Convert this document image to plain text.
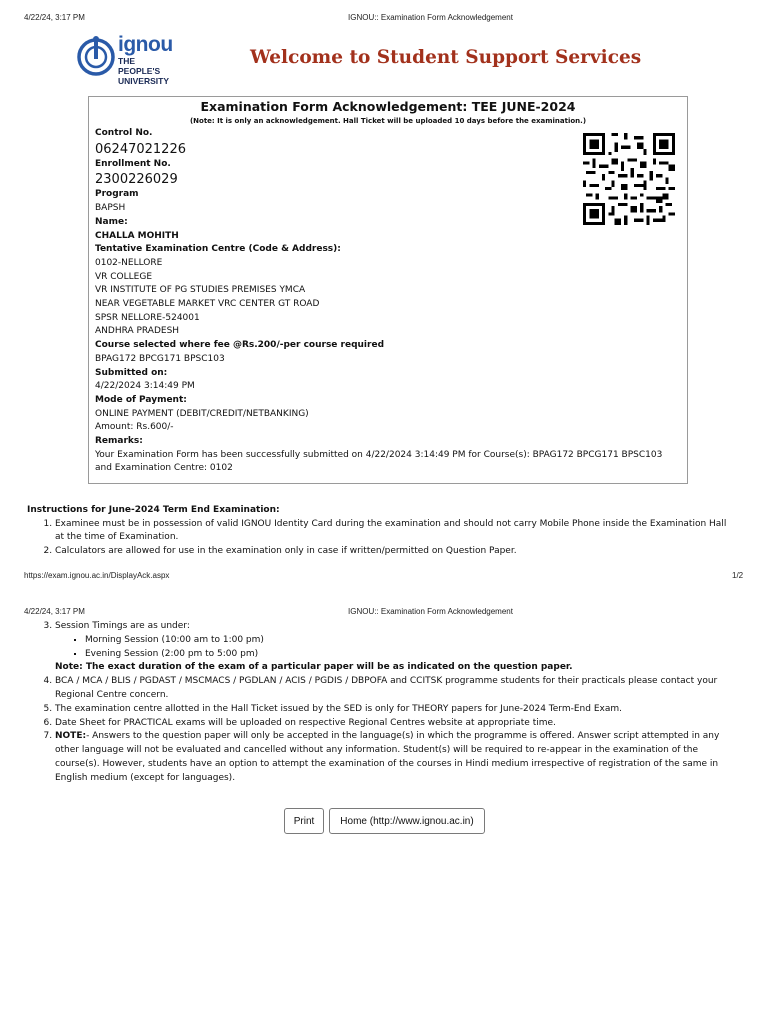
4/22/24, 3:17 PM	IGNOU:: Examination Form Acknowledgement
ignou
THE PEOPLE'S
UNIVERSITY
Welcome to Student Support Services
Examination Form Acknowledgement: TEE JUNE-2024
(Note: It is only an acknowledgement. Hall Ticket will be uploaded 10 days before the examination.)
Control No.
06247021226
Enrollment No.
2300226029
Program
BAPSH
Name:
CHALLA MOHITH
Tentative Examination Centre (Code & Address):
0102-NELLORE
VR COLLEGE
VR INSTITUTE OF PG STUDIES PREMISES YMCA
NEAR VEGETABLE MARKET VRC CENTER GT ROAD
SPSR NELLORE-524001
ANDHRA PRADESH
Course selected where fee @Rs.200/-per course required
BPAG172 BPCG171 BPSC103
Submitted on:
4/22/2024 3:14:49 PM
Mode of Payment:
ONLINE PAYMENT (DEBIT/CREDIT/NETBANKING)
Amount: Rs.600/-
Remarks:
Your Examination Form has been successfully submitted on 4/22/2024 3:14:49 PM for Course(s): BPAG172 BPCG171 BPSC103 and Examination Centre: 0102
Instructions for June-2024 Term End Examination:
1. Examinee must be in possession of valid IGNOU Identity Card during the examination and should not carry Mobile Phone inside the Examination Hall at the time of Examination.
2. Calculators are allowed for use in the examination only in case if written/permitted on Question Paper.
https://exam.ignou.ac.in/DisplayAck.aspx	1/2
4/22/24, 3:17 PM	IGNOU:: Examination Form Acknowledgement
3. Session Timings are as under:
▪ Morning Session (10:00 am to 1:00 pm)
▪ Evening Session (2:00 pm to 5:00 pm)
Note: The exact duration of the exam of a particular paper will be as indicated on the question paper.
4. BCA / MCA / BLIS / PGDAST / MSCMACS / PGDLAN / ACIS / PGDIS / DBPOFA and CCITSK programme students for their practicals please contact your Regional Centre concern.
5. The examination centre allotted in the Hall Ticket issued by the SED is only for THEORY papers for June-2024 Term-End Exam.
6. Date Sheet for PRACTICAL exams will be uploaded on respective Regional Centres website at appropriate time.
7. NOTE:- Answers to the question paper will only be accepted in the language(s) in which the programme is offered. Answer script attempted in any other language will not be evaluated and cancelled without any information. Student(s) will be required to re-appear in the examination of the course(s). However, students have an option to attempt the examination of the courses in Hindi medium irrespective of registration of the same in English medium (except for languages).
Print	Home (http://www.ignou.ac.in)
